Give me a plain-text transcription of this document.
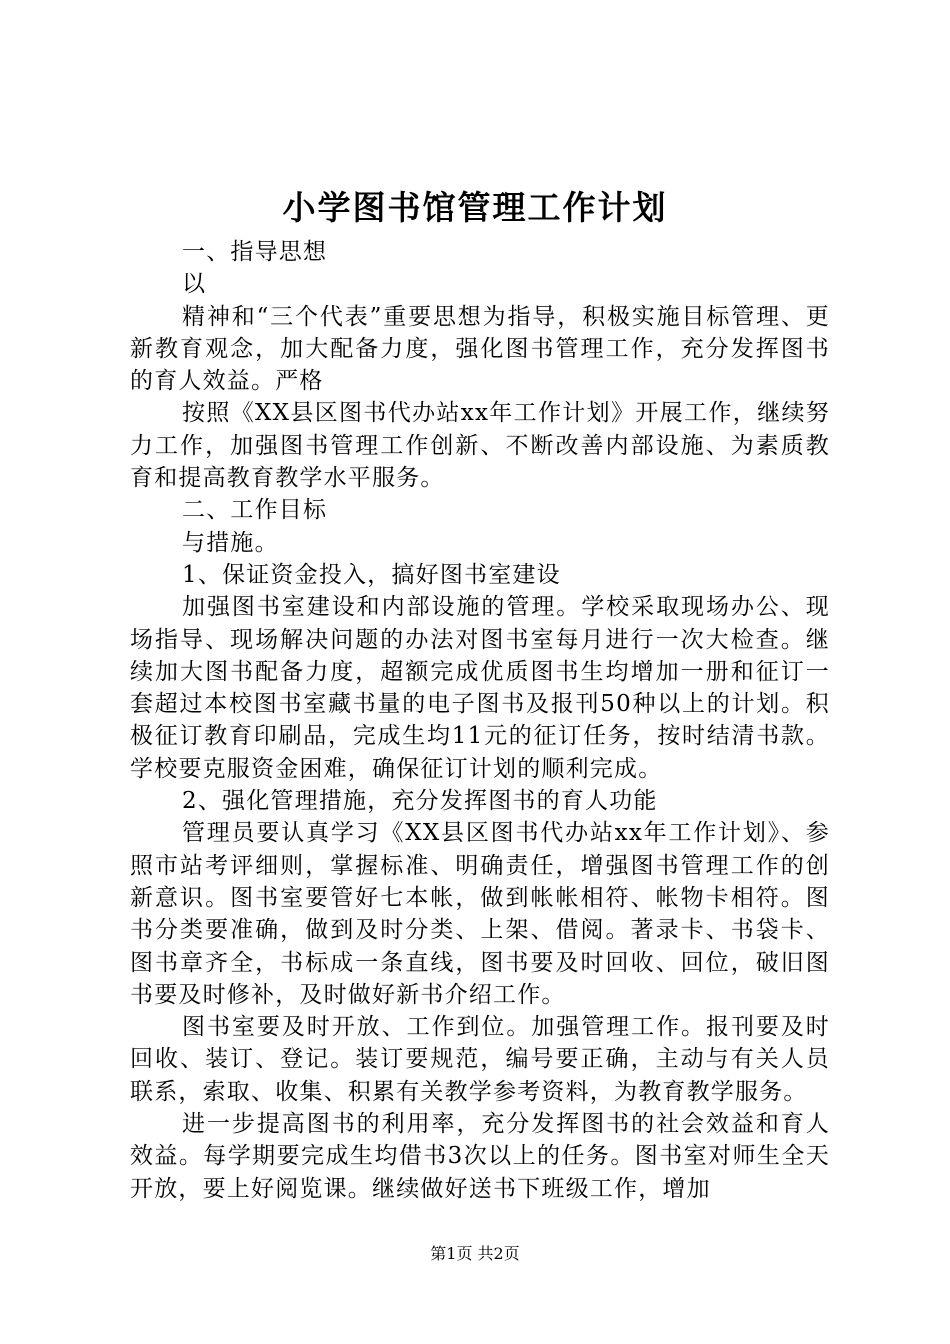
小学图书馆管理工作计划

一、指导思想

以

精神和“三个代表”重要思想为指导，积极实施目标管理、更新教育观念，加大配备力度，强化图书管理工作，充分发挥图书的育人效益。严格

按照《XX县区图书代办站xx年工作计划》开展工作，继续努力工作，加强图书管理工作创新、不断改善内部设施、为素质教育和提高教育教学水平服务。

二、工作目标

与措施。

1、保证资金投入，搞好图书室建设

加强图书室建设和内部设施的管理。学校采取现场办公、现场指导、现场解决问题的办法对图书室每月进行一次大检查。继续加大图书配备力度，超额完成优质图书生均增加一册和征订一套超过本校图书室藏书量的电子图书及报刊50种以上的计划。积极征订教育印刷品，完成生均11元的征订任务，按时结清书款。学校要克服资金困难，确保征订计划的顺利完成。

2、强化管理措施，充分发挥图书的育人功能

管理员要认真学习《XX县区图书代办站xx年工作计划》、参照市站考评细则，掌握标准、明确责任，增强图书管理工作的创新意识。图书室要管好七本帐，做到帐帐相符、帐物卡相符。图书分类要准确，做到及时分类、上架、借阅。著录卡、书袋卡、图书章齐全，书标成一条直线，图书要及时回收、回位，破旧图书要及时修补，及时做好新书介绍工作。

图书室要及时开放、工作到位。加强管理工作。报刊要及时回收、装订、登记。装订要规范，编号要正确，主动与有关人员联系，索取、收集、积累有关教学参考资料，为教育教学服务。

进一步提高图书的利用率，充分发挥图书的社会效益和育人效益。每学期要完成生均借书3次以上的任务。图书室对师生全天开放，要上好阅览课。继续做好送书下班级工作，增加

第1页 共2页
